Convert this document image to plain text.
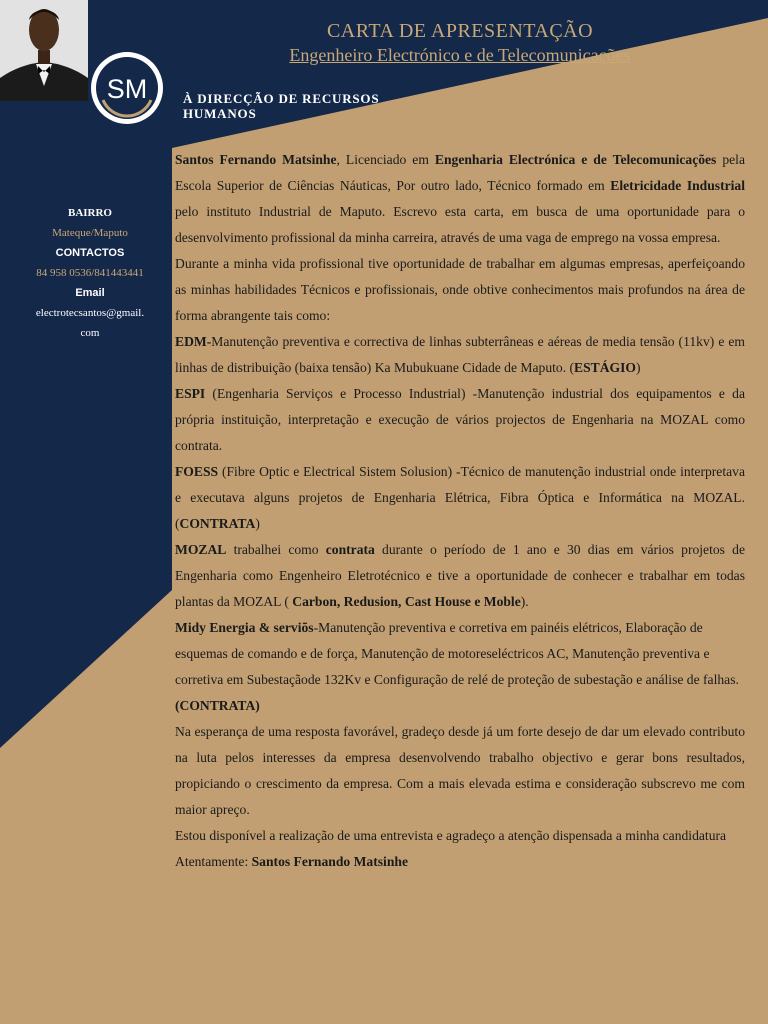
SM
CARTA DE APRESENTAÇÃO
Engenheiro Electrónico e de Telecomunicações
À DIRECÇÃO DE RECURSOS
HUMANOS
BAIRRO
Mateque/Maputo
CONTACTOS
84 958 0536/841443441
Email
electrotecsantos@gmail.
com

Santos Fernando Matsinhe, Licenciado em Engenharia Electrónica e de Telecomunicações pela Escola Superior de Ciências Náuticas, Por outro lado, Técnico formado em Eletricidade Industrial pelo instituto Industrial de Maputo. Escrevo esta carta, em busca de uma oportunidade para o desenvolvimento profissional da minha carreira, através de uma vaga de emprego na vossa empresa.

Durante a minha vida profissional tive oportunidade de trabalhar em algumas empresas, aperfeiçoando as minhas habilidades Técnicos e profissionais, onde obtive conhecimentos mais profundos na área de forma abrangente tais como:

EDM-Manutenção preventiva e correctiva de linhas subterrâneas e aéreas de media tensão (11kv) e em linhas de distribuição (baixa tensão) Ka Mubukuane Cidade de Maputo. (ESTÁGIO)

ESPI (Engenharia Serviços e Processo Industrial) -Manutenção industrial dos equipamentos e da própria instituição, interpretação e execução de vários projectos de Engenharia na MOZAL como contrata.

FOESS (Fibre Optic e Electrical Sistem Solusion) -Técnico de manutenção industrial onde interpretava e executava alguns projetos de Engenharia Elétrica, Fibra Óptica e Informática na MOZAL. (CONTRATA)

MOZAL trabalhei como contrata durante o período de 1 ano e 30 dias em vários projetos de Engenharia como Engenheiro Eletrotécnico e tive a oportunidade de conhecer e trabalhar em todas plantas da MOZAL ( Carbon, Redusion, Cast House e Moble).

Midy Energia & serviõs-Manutenção preventiva e corretiva em painéis elétricos, Elaboração de esquemas de comando e de força, Manutenção de motoreseléctricos AC, Manutenção preventiva e corretiva em Subestaçãode 132Kv e Configuração de relé de proteção de subestação e análise de falhas. (CONTRATA)

Na esperança de uma resposta favorável, gradeço desde já um forte desejo de dar um elevado contributo na luta pelos interesses da empresa desenvolvendo trabalho objectivo e gerar bons resultados, propiciando o crescimento da empresa. Com a mais elevada estima e consideração subscrevo me com maior apreço.

Estou disponível a realização de uma entrevista e agradeço a atenção dispensada a minha candidatura

Atentamente: Santos Fernando Matsinhe
